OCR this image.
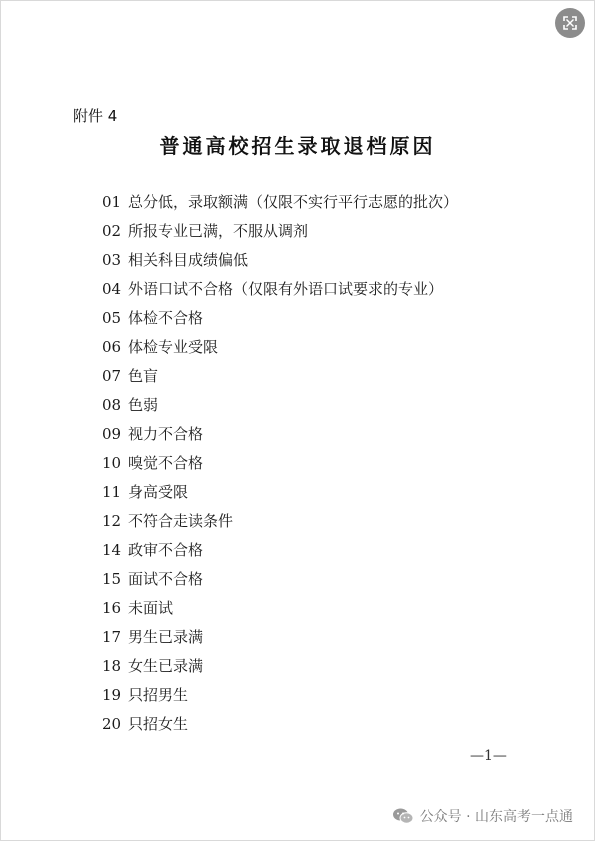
附件 4
普通高校招生录取退档原因
01 总分低，录取额满（仅限不实行平行志愿的批次）
02 所报专业已满，不服从调剂
03 相关科目成绩偏低
04 外语口试不合格（仅限有外语口试要求的专业）
05 体检不合格
06 体检专业受限
07 色盲
08 色弱
09 视力不合格
10 嗅觉不合格
11 身高受限
12 不符合走读条件
14 政审不合格
15 面试不合格
16 未面试
17 男生已录满
18 女生已录满
19 只招男生
20 只招女生
—1—
公众号 · 山东高考一点通
